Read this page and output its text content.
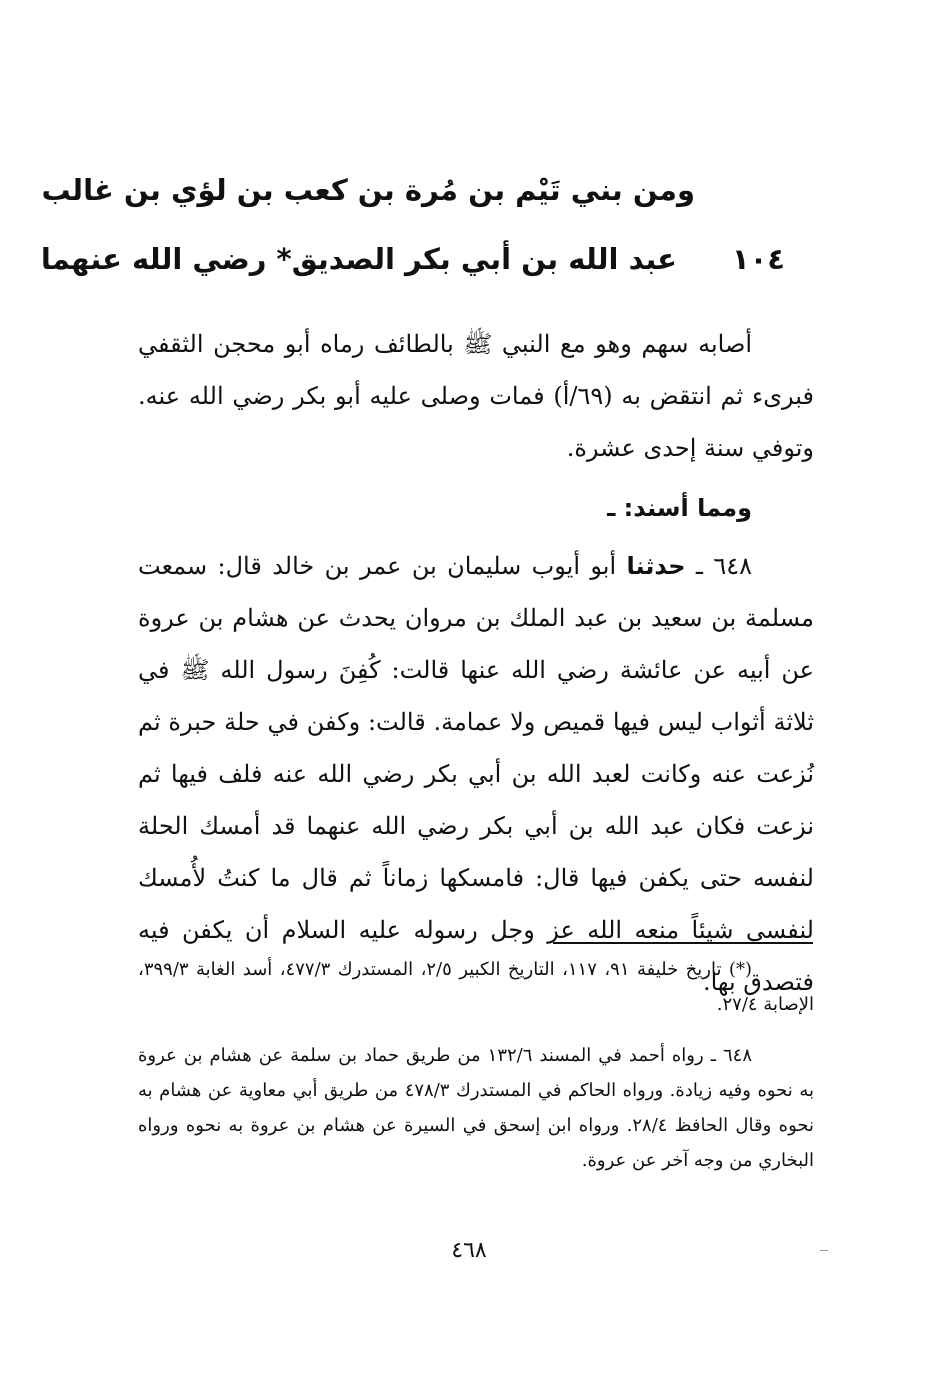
ومن بني تَيْم بن مُرة بن كعب بن لؤي بن غالب
١٠٤
عبد الله بن أبي بكر الصديق* رضي الله عنهما

أصابه سهم وهو مع النبي ﷺ بالطائف رماه أبو محجن الثقفي فبرىء ثم انتقض به (٦٩/أ) فمات وصلى عليه أبو بكر رضي الله عنه. وتوفي سنة إحدى عشرة.

ومما أسند: ـ

٦٤٨ ـ حدثنا أبو أيوب سليمان بن عمر بن خالد قال: سمعت مسلمة بن سعيد بن عبد الملك بن مروان يحدث عن هشام بن عروة عن أبيه عن عائشة رضي الله عنها قالت: كُفِنَ رسول الله ﷺ في ثلاثة أثواب ليس فيها قميص ولا عمامة. قالت: وكفن في حلة حبرة ثم نُزعت عنه وكانت لعبد الله بن أبي بكر رضي الله عنه فلف فيها ثم نزعت فكان عبد الله بن أبي بكر رضي الله عنهما قد أمسك الحلة لنفسه حتى يكفن فيها قال: فامسكها زماناً ثم قال ما كنتُ لأُمسك لنفسي شيئاً منعه الله عز وجل رسوله عليه السلام أن يكفن فيه فتصدق بها.

(*) تاريخ خليفة ٩١، ١١٧، التاريخ الكبير ٢/٥، المستدرك ٤٧٧/٣، أسد الغابة ٣٩٩/٣، الإصابة ٢٧/٤.

٦٤٨ ـ رواه أحمد في المسند ١٣٢/٦ من طريق حماد بن سلمة عن هشام بن عروة به نحوه وفيه زيادة. ورواه الحاكم في المستدرك ٤٧٨/٣ من طريق أبي معاوية عن هشام به نحوه وقال الحافظ ٢٨/٤. ورواه ابن إسحق في السيرة عن هشام بن عروة به نحوه ورواه البخاري من وجه آخر عن عروة.

٤٦٨
